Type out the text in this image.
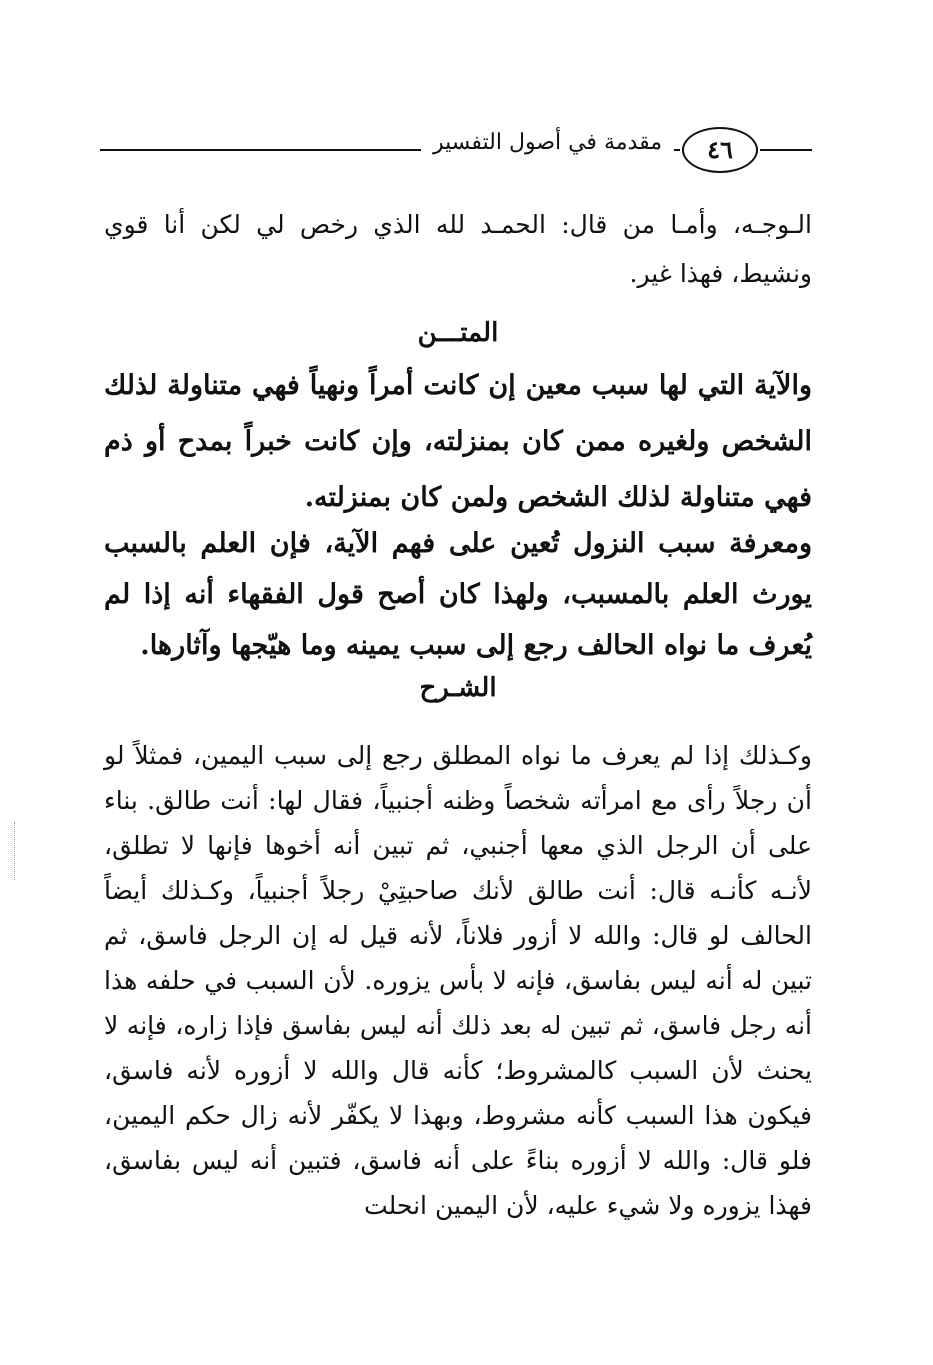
٤٦
مقدمة في أصول التفسير

الـوجـه، وأمـا من قال: الحمـد لله الذي رخص لي لكن أنا قوي ونشيط، فهذا غير.

المتـــن

والآية التي لها سبب معين إن كانت أمراً ونهياً فهي متناولة لذلك الشخص ولغيره ممن كان بمنزلته، وإن كانت خبراً بمدح أو ذم فهي متناولة لذلك الشخص ولمن كان بمنزلته.

ومعرفة سبب النزول تُعين على فهم الآية، فإن العلم بالسبب يورث العلم بالمسبب، ولهذا كان أصح قول الفقهاء أنه إذا لم يُعرف ما نواه الحالف رجع إلى سبب يمينه وما هيّجها وآثارها.

الشـرح

وكـذلك إذا لم يعرف ما نواه المطلق رجع إلى سبب اليمين، فمثلاً لو أن رجلاً رأى مع امرأته شخصاً وظنه أجنبياً، فقال لها: أنت طالق. بناء على أن الرجل الذي معها أجنبي، ثم تبين أنه أخوها فإنها لا تطلق، لأنـه كأنـه قال: أنت طالق لأنك صاحبتِيْ رجلاً أجنبياً، وكـذلك أيضاً الحالف لو قال: والله لا أزور فلاناً، لأنه قيل له إن الرجل فاسق، ثم تبين له أنه ليس بفاسق، فإنه لا بأس يزوره. لأن السبب في حلفه هذا أنه رجل فاسق، ثم تبين له بعد ذلك أنه ليس بفاسق فإذا زاره، فإنه لا يحنث لأن السبب كالمشروط؛ كأنه قال والله لا أزوره لأنه فاسق، فيكون هذا السبب كأنه مشروط، وبهذا لا يكفّر لأنه زال حكم اليمين، فلو قال: والله لا أزوره بناءً على أنه فاسق، فتبين أنه ليس بفاسق، فهذا يزوره ولا شيء عليه، لأن اليمين انحلت
